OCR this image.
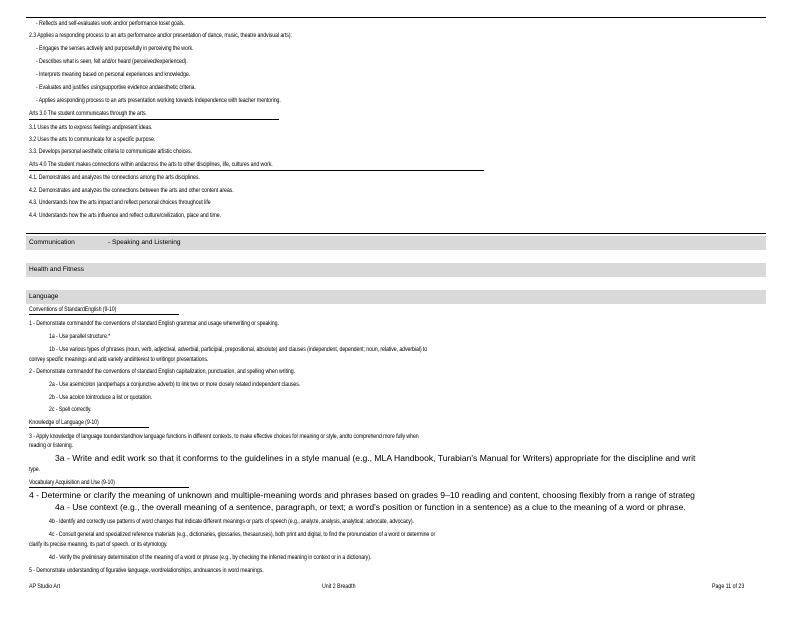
- Reflects and self-evaluates work and/or performance toset goals.
2.3 Applies a responding process to an arts performance and/or presentation of dance, music, theatre andvisual arts):
- Engages the senses actively and purposefully in perceiving the work.
- Describes what is seen, felt and/or heard (perceived/experienced).
- Interprets meaning based on personal experiences and knowledge.
- Evaluates and justifies usingsupportive evidence andaesthetic criteria.
- Applies aresponding process to an arts presentation working towards independence with teacher mentoring.
Arts 3.0 The student communicates through the arts.
3.1 Uses the arts to express feelings andpresent ideas.
3.2 Uses the arts to communicate for a specific purpose.
3.3. Develops personal aesthetic criteria to communicate artistic choices.
Arts 4.0 The student makes connections within andacross the arts to other disciplines, life, cultures and work.
4.1. Demonstrates and analyzes the connections among the arts disciplines.
4.2. Demonstrates and analyzes the connections between the arts and other content areas.
4.3. Understands how the arts impact and reflect personal choices throughout life
4.4. Understands how the arts influence and reflect culture/civilization, place and time.
Communication	- Speaking and Listening
Health and Fitness
Language
Conventions of StandardEnglish (9-10)
1 - Demonstrate commandof the conventions of standard English grammar and usage whenwriting or speaking.
1a - Use parallel structure.*
1b - Use various types of phrases (noun, verb, adjectival, adverbial, participial, prepositional, absolute) and clauses (independent, dependent; noun, relative, adverbial) to
convey specific meanings and add variety andinterest to writingor presentations.
2 - Demonstrate commandof the conventions of standard English capitalization, punctuation, and spelling when writing.
2a - Use asemicolon (andperhaps a conjunctive adverb) to link two or more closely related independent clauses.
2b - Use acolon tointroduce a list or quotation.
2c - Spell correctly.
Knowledge of Language (9-10)
3 - Apply knowledge of language tounderstandhow language functions in different contexts, to make effective choices for meaning or style, andto comprehend more fully when
reading or listening.
3a - Write and edit work so that it conforms to the guidelines in a style manual (e.g., MLA Handbook, Turabian's Manual for Writers) appropriate for the discipline and writ
type.
Vocabulary Acquisition and Use (9-10)
4 - Determine or clarify the meaning of unknown and multiple-meaning words and phrases based on grades 9–10 reading and content, choosing flexibly from a range of strateg
4a - Use context (e.g., the overall meaning of a sentence, paragraph, or text; a word's position or function in a sentence) as a clue to the meaning of a word or phrase.
4b - Identify and correctly use patterns of word changes that indicate different meanings or parts of speech (e.g., analyze, analysis, analytical; advocate, advocacy).
4c - Consult general and specialized reference materials (e.g., dictionaries, glossaries, thesauruses), both print and digital, to find the pronunciation of a word or determine or
clarify its precise meaning, its part of speech, or its etymology.
4d - Verify the preliminary determination of the meaning of a word or phrase (e.g., by checking the inferred meaning in context or in a dictionary).
5 - Demonstrate understanding of figurative language, wordrelationships, andnuances in word meanings.
AP Studio Art	Unit 2 Breadth	Page 11 of 23
